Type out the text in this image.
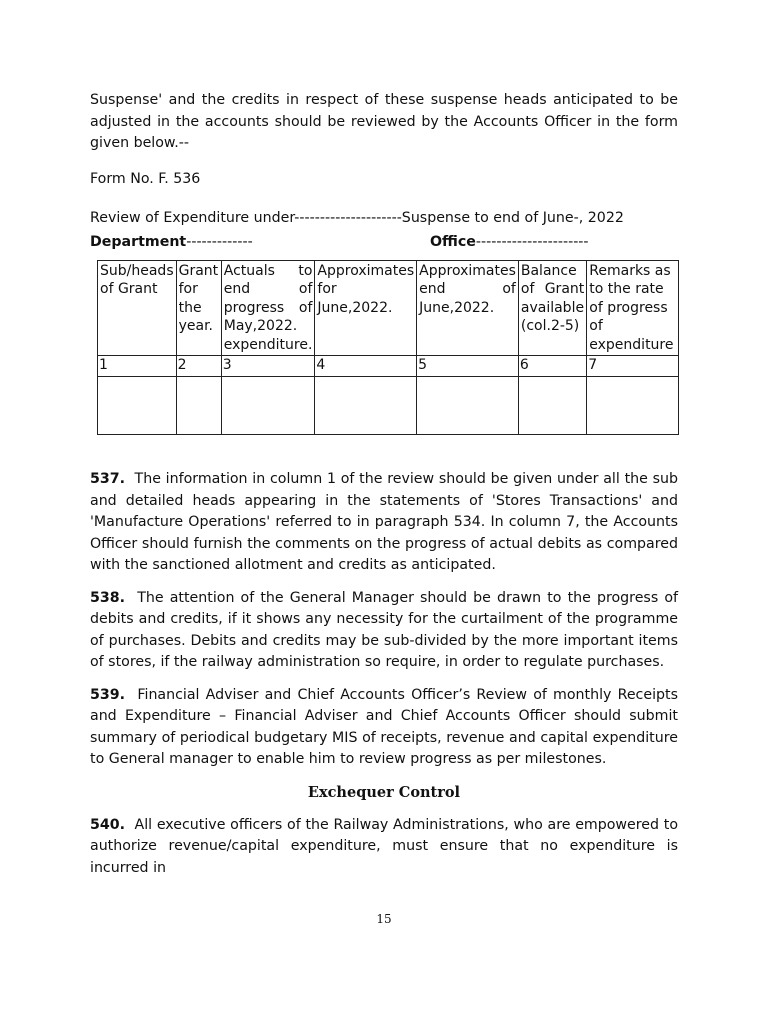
Suspense' and the credits in respect of these suspense heads anticipated to be adjusted in the accounts should be reviewed by the Accounts Officer in the form given below.--

Form No. F. 536

Review of Expenditure under---------------------Suspense to end of June-, 2022

Department-------------	Office----------------------
Sub/heads of Grant	Grant for the year.	Actuals to end of progress of May,2022. expenditure.	Approximates for June,2022.	Approximates end of June,2022.	Balance of Grant available (col.2-5)	Remarks as to the rate of progress of expenditure
1	2	3	4	5	6	7

537. The information in column 1 of the review should be given under all the sub and detailed heads appearing in the statements of 'Stores Transactions' and 'Manufacture Operations' referred to in paragraph 534. In column 7, the Accounts Officer should furnish the comments on the progress of actual debits as compared with the sanctioned allotment and credits as anticipated.

538. The attention of the General Manager should be drawn to the progress of debits and credits, if it shows any necessity for the curtailment of the programme of purchases. Debits and credits may be sub-divided by the more important items of stores, if the railway administration so require, in order to regulate purchases.

539. Financial Adviser and Chief Accounts Officer’s Review of monthly Receipts and Expenditure – Financial Adviser and Chief Accounts Officer should submit summary of periodical budgetary MIS of receipts, revenue and capital expenditure to General manager to enable him to review progress as per milestones.

Exchequer Control

540. All executive officers of the Railway Administrations, who are empowered to authorize revenue/capital expenditure, must ensure that no expenditure is incurred in

15
